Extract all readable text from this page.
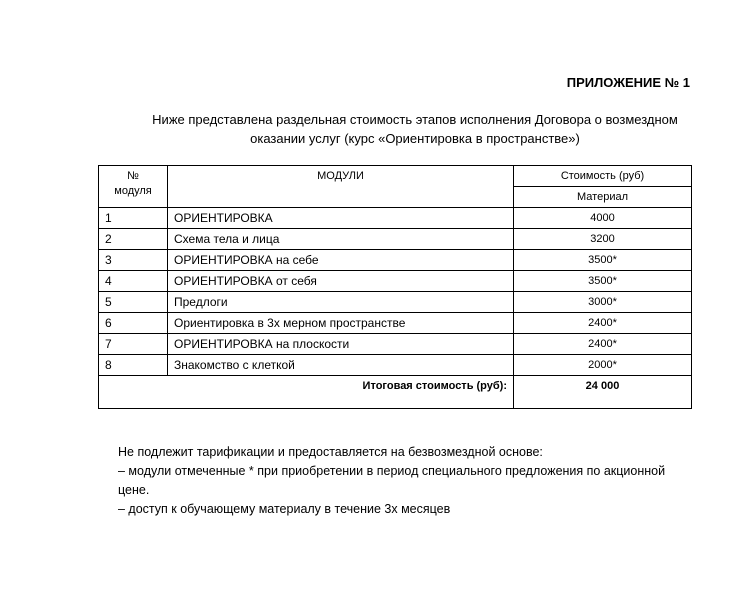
ПРИЛОЖЕНИЕ № 1
Ниже представлена раздельная стоимость этапов исполнения Договора о возмездном
оказании услуг (курс «Ориентировка в пространстве»)
№
модуля	МОДУЛИ	Стоимость (руб)
		Материал
1	ОРИЕНТИРОВКА	4000
2	Схема тела и лица	3200
3	ОРИЕНТИРОВКА на себе	3500*
4	ОРИЕНТИРОВКА от себя	3500*
5	Предлоги	3000*
6	Ориентировка в 3х мерном пространстве	2400*
7	ОРИЕНТИРОВКА на плоскости	2400*
8	Знакомство с клеткой	2000*
Итоговая стоимость (руб):		24 000

Не подлежит тарификации и предоставляется на безвозмездной основе:

– модули отмеченные * при приобретении в период специального предложения по акционной цене.

– доступ к обучающему материалу в течение 3х месяцев
